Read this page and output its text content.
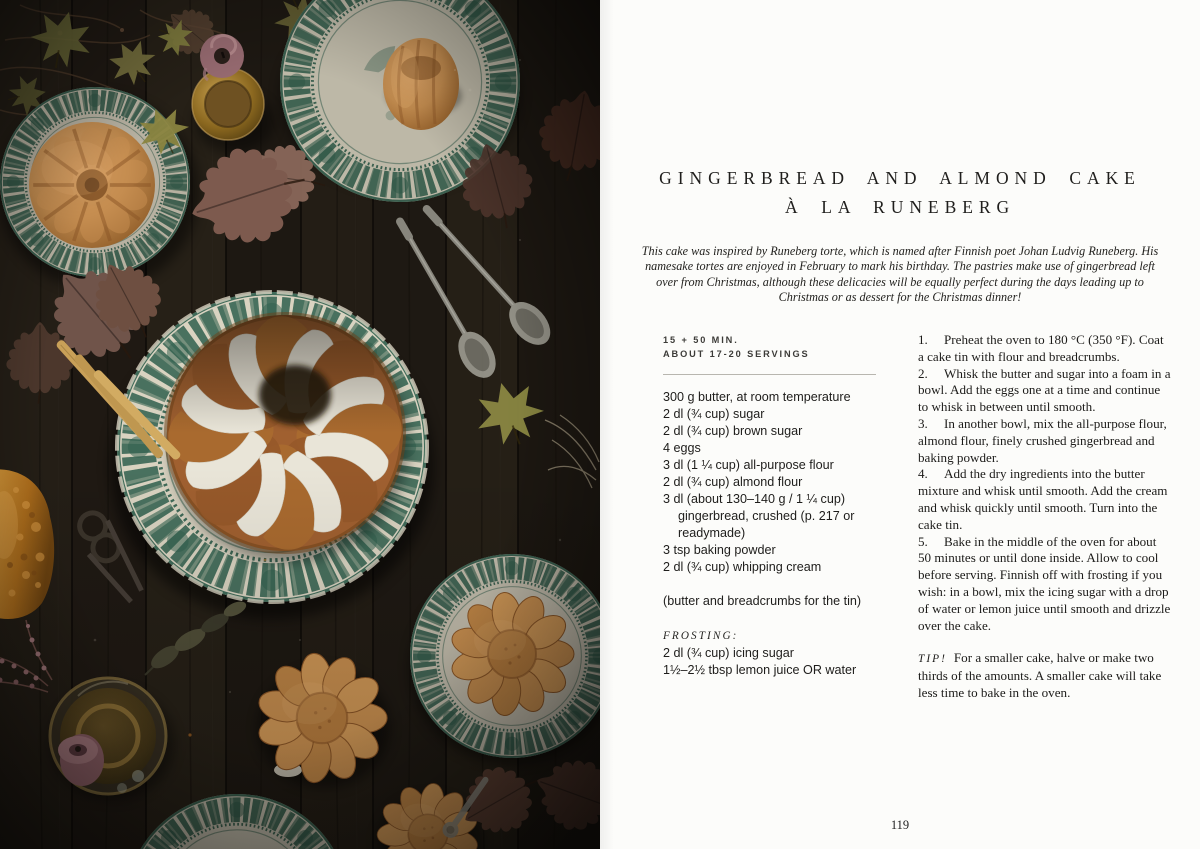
GINGERBREAD AND ALMOND CAKE
À LA RUNEBERG

This cake was inspired by Runeberg torte, which is named after Finnish poet Johan Ludvig Runeberg. His namesake tortes are enjoyed in February to mark his birthday. The pastries make use of gingerbread left over from Christmas, although these delicacies will be equally perfect during the days leading up to Christmas or as dessert for the Christmas dinner!

15 + 50 MIN.
ABOUT 17-20 SERVINGS
300 g butter, at room temperature
2 dl (¾ cup) sugar
2 dl (¾ cup) brown sugar
4 eggs
3 dl (1 ¼ cup) all-purpose flour
2 dl (¾ cup) almond flour
3 dl (about 130–140 g / 1 ¼ cup) gingerbread, crushed (p. 217 or readymade)
3 tsp baking powder
2 dl (¾ cup) whipping cream
(butter and breadcrumbs for the tin)
FROSTING:
2 dl (¾ cup) icing sugar
1½–2½ tbsp lemon juice OR water

1. Preheat the oven to 180 °C (350 °F). Coat a cake tin with flour and breadcrumbs.

2. Whisk the butter and sugar into a foam in a bowl. Add the eggs one at a time and continue to whisk in between until smooth.

3. In another bowl, mix the all-purpose flour, almond flour, finely crushed gingerbread and baking powder.

4. Add the dry ingredients into the butter mixture and whisk until smooth. Add the cream and whisk quickly until smooth. Turn into the cake tin.

5. Bake in the middle of the oven for about 50 minutes or until done inside. Allow to cool before serving. Finnish off with frosting if you wish: in a bowl, mix the icing sugar with a drop of water or lemon juice until smooth and drizzle over the cake.

TIP! For a smaller cake, halve or make two thirds of the amounts. A smaller cake will take less time to bake in the oven.

119
